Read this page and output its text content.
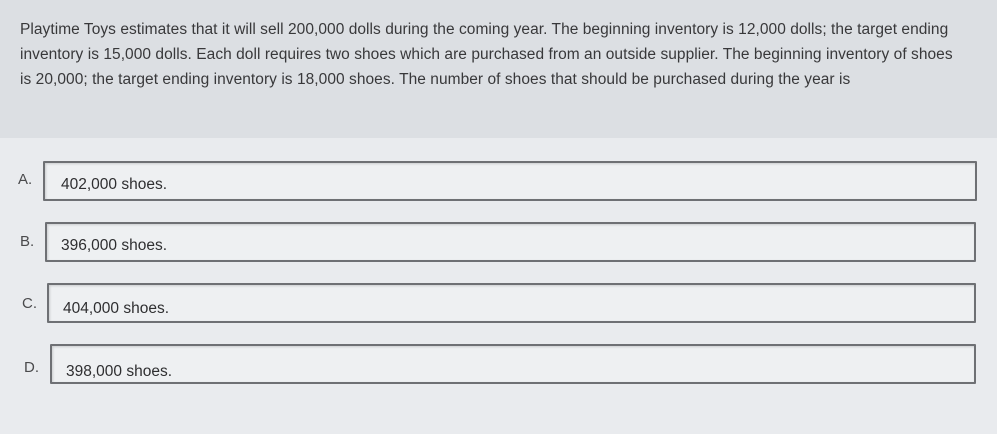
Playtime Toys estimates that it will sell 200,000 dolls during the coming year. The beginning inventory is 12,000 dolls; the target ending inventory is 15,000 dolls. Each doll requires two shoes which are purchased from an outside supplier. The beginning inventory of shoes is 20,000; the target ending inventory is 18,000 shoes. The number of shoes that should be purchased during the year is

A. 402,000 shoes.
B. 396,000 shoes.
C. 404,000 shoes.
D. 398,000 shoes.
